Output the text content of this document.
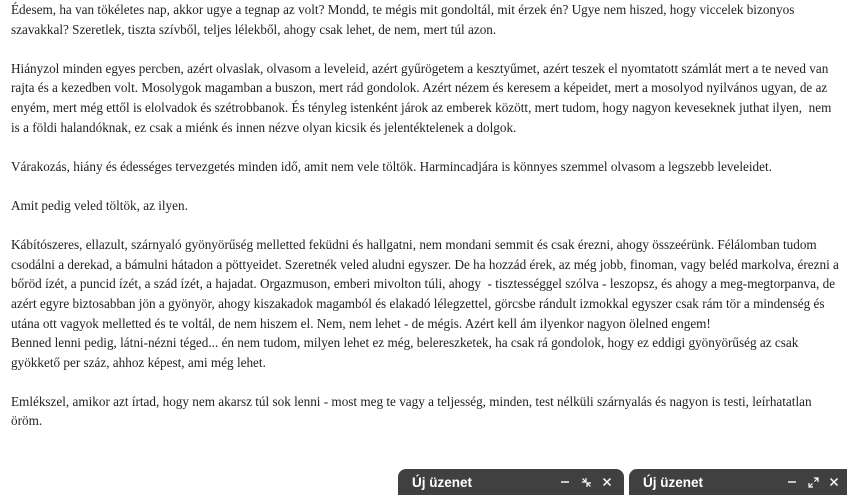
Édesem, ha van tökéletes nap, akkor ugye a tegnap az volt? Mondd, te mégis mit gondoltál, mit érzek én? Ugye nem hiszed, hogy viccelek bizonyos szavakkal? Szeretlek, tiszta szívből, teljes lélekből, ahogy csak lehet, de nem, mert túl azon.

Hiányzol minden egyes percben, azért olvaslak, olvasom a leveleid, azért gyűrögetem a kesztyűmet, azért teszek el nyomtatott számlát mert a te neved van rajta és a kezedben volt. Mosolygok magamban a buszon, mert rád gondolok. Azért nézem és keresem a képeidet, mert a mosolyod nyilvános ugyan, de az enyém, mert még ettől is elolvadok és szétrobbanok. És tényleg istenként járok az emberek között, mert tudom, hogy nagyon keveseknek juthat ilyen,  nem is a földi halandóknak, ez csak a miénk és innen nézve olyan kicsik és jelentéktelenek a dolgok.

Várakozás, hiány és édességes tervezgetés minden idő, amit nem vele töltök. Harmincadjára is könnyes szemmel olvasom a legszebb leveleidet.

Amit pedig veled töltök, az ilyen.

Kábítószeres, ellazult, szárnyaló gyönyörűség melletted feküdni és hallgatni, nem mondani semmit és csak érezni, ahogy összeérünk. Félálomban tudom csodálni a derekad, a bámulni hátadon a pöttyeidet. Szeretnék veled aludni egyszer. De ha hozzád érek, az még jobb, finoman, vagy beléd markolva, érezni a bőröd ízét, a puncid ízét, a szád ízét, a hajadat. Orgazmuson, emberi mivolton túli, ahogy  - tisztességgel szólva - leszopsz, és ahogy a meg-megtorpanva, de azért egyre biztosabban jön a gyönyör, ahogy kiszakadok magamból és elakadó lélegzettel, görcsbe rándult izmokkal egyszer csak rám tör a mindenség és utána ott vagyok melletted és te voltál, de nem hiszem el. Nem, nem lehet - de mégis. Azért kell ám ilyenkor nagyon ölelned engem!

Benned lenni pedig, látni-nézni téged... én nem tudom, milyen lehet ez még, belereszketek, ha csak rá gondolok, hogy ez eddigi gyönyörűség az csak gyökkető per száz, ahhoz képest, ami még lehet.

Emlékszel, amikor azt írtad, hogy nem akarsz túl sok lenni - most meg te vagy a teljesség, minden, test nélküli szárnyalás és nagyon is testi, leírhatatlan öröm.

Új üzenet	Új üzenet
